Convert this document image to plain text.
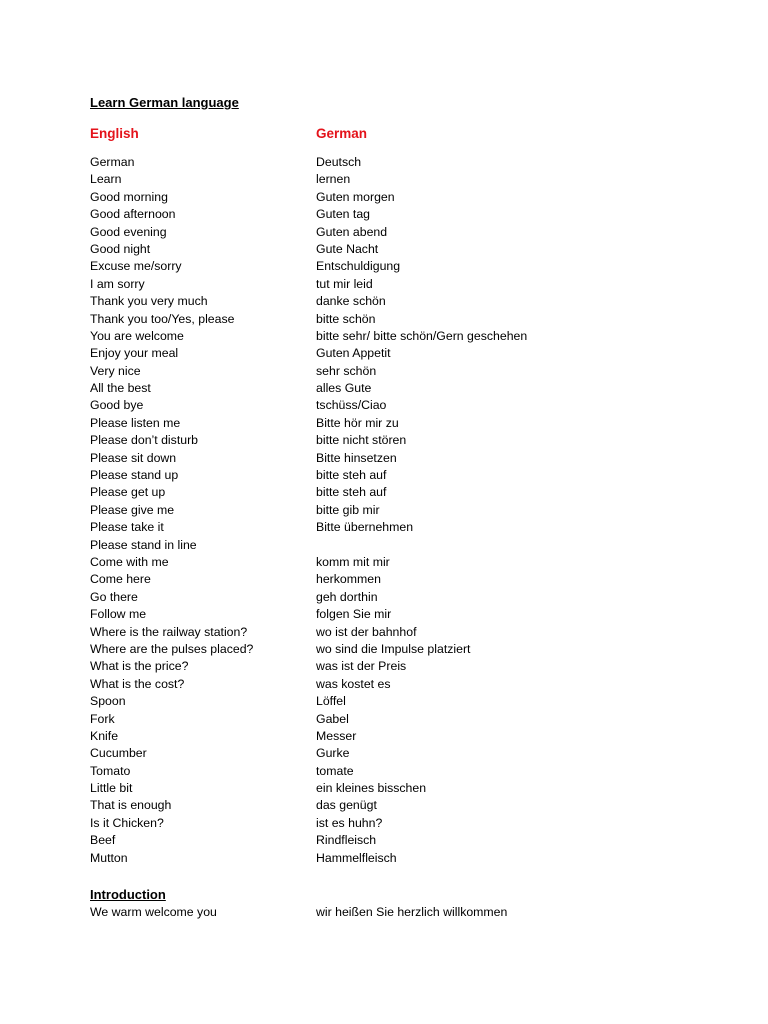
Learn German language
English	German
German	Deutsch
Learn	lernen
Good morning	Guten morgen
Good afternoon	Guten tag
Good evening	Guten abend
Good night	Gute Nacht
Excuse me/sorry	Entschuldigung
I am sorry	tut mir leid
Thank you very much	danke schön
Thank you too/Yes, please	bitte schön
You are welcome	bitte sehr/ bitte schön/Gern geschehen
Enjoy your meal	Guten Appetit
Very nice	sehr schön
All the best	alles Gute
Good bye	tschüss/Ciao
Please listen me	Bitte hör mir zu
Please don’t disturb	bitte nicht stören
Please sit down	Bitte hinsetzen
Please stand up	bitte steh auf
Please get up	bitte steh auf
Please give me	bitte gib mir
Please take it	Bitte übernehmen
Please stand in line
Come with me	komm mit mir
Come here	herkommen
Go there	geh dorthin
Follow me	folgen Sie mir
Where is the railway station?	wo ist der bahnhof
Where are the pulses placed?	wo sind die Impulse platziert
What is the price?	was ist der Preis
What is the cost?	was kostet es
Spoon	Löffel
Fork	Gabel
Knife	Messer
Cucumber	Gurke
Tomato	tomate
Little bit	ein kleines bisschen
That is enough	das genügt
Is it Chicken?	ist es huhn?
Beef	Rindfleisch
Mutton	Hammelfleisch
Introduction
We warm welcome you	wir heißen Sie herzlich willkommen
